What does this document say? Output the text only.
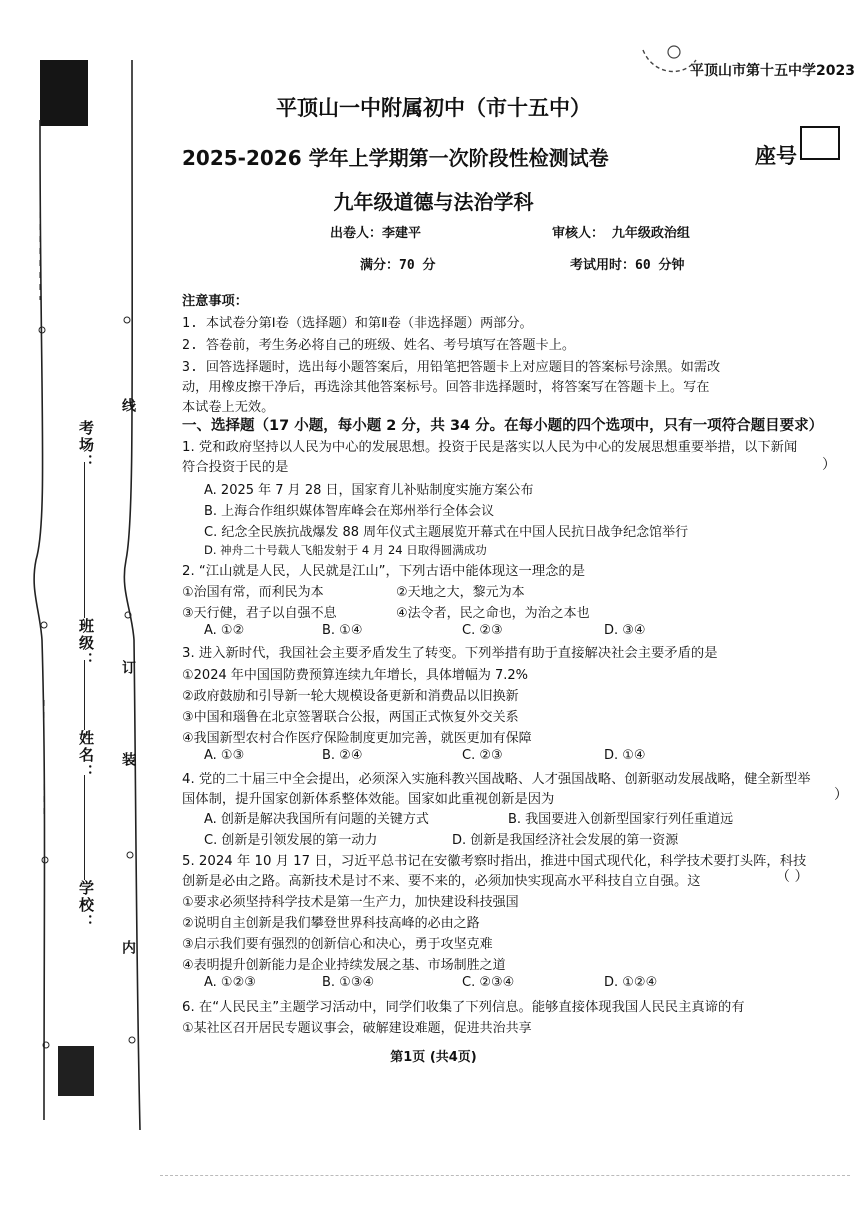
考场：
班级：
姓名：
学校：
线
订
装
内
平顶山市第十五中学2023
平顶山一中附属初中（市十五中）
2025-2026 学年上学期第一次阶段性检测试卷	座号
九年级道德与法治学科
出卷人：李建平	审核人： 九年级政治组
满分：70 分	考试用时：60 分钟
注意事项：
1. 本试卷分第Ⅰ卷（选择题）和第Ⅱ卷（非选择题）两部分。
2. 答卷前，考生务必将自己的班级、姓名、考号填写在答题卡上。
3. 回答选择题时，选出每小题答案后，用铅笔把答题卡上对应题目的答案标号涂黑。如需改
动，用橡皮擦干净后，再选涂其他答案标号。回答非选择题时，将答案写在答题卡上。写在
本试卷上无效。
一、选择题（17 小题，每小题 2 分，共 34 分。在每小题的四个选项中，只有一项符合题目要求）
1. 党和政府坚持以人民为中心的发展思想。投资于民是落实以人民为中心的发展思想重要举措，以下新闻
符合投资于民的是	）
A. 2025 年 7 月 28 日，国家育儿补贴制度实施方案公布
B. 上海合作组织媒体智库峰会在郑州举行全体会议
C. 纪念全民族抗战爆发 88 周年仪式主题展览开幕式在中国人民抗日战争纪念馆举行
D. 神舟二十号载人飞船发射于 4 月 24 日取得圆满成功
2. “江山就是人民，人民就是江山”，下列古语中能体现这一理念的是
①治国有常，而利民为本	②天地之大，黎元为本
③天行健，君子以自强不息	④法令者，民之命也，为治之本也
A. ①②	B. ①④	C. ②③	D. ③④
3. 进入新时代，我国社会主要矛盾发生了转变。下列举措有助于直接解决社会主要矛盾的是
①2024 年中国国防费预算连续九年增长，具体增幅为 7.2%
②政府鼓励和引导新一轮大规模设备更新和消费品以旧换新
③中国和瑙鲁在北京签署联合公报，两国正式恢复外交关系
④我国新型农村合作医疗保险制度更加完善，就医更加有保障
A. ①③	B. ②④	C. ②③	D. ①④
4. 党的二十届三中全会提出，必须深入实施科教兴国战略、人才强国战略、创新驱动发展战略，健全新型举
国体制，提升国家创新体系整体效能。国家如此重视创新是因为	）
A. 创新是解决我国所有问题的关键方式	B. 我国要进入创新型国家行列任重道远
C. 创新是引领发展的第一动力	D. 创新是我国经济社会发展的第一资源
5. 2024 年 10 月 17 日，习近平总书记在安徽考察时指出，推进中国式现代化，科学技术要打头阵，科技
创新是必由之路。高新技术是讨不来、要不来的，必须加快实现高水平科技自立自强。这	（ ）
①要求必须坚持科学技术是第一生产力，加快建设科技强国
②说明自主创新是我们攀登世界科技高峰的必由之路
③启示我们要有强烈的创新信心和决心，勇于攻坚克难
④表明提升创新能力是企业持续发展之基、市场制胜之道
A. ①②③	B. ①③④	C. ②③④	D. ①②④
6. 在“人民民主”主题学习活动中，同学们收集了下列信息。能够直接体现我国人民民主真谛的有
①某社区召开居民专题议事会，破解建设难题，促进共治共享
第1页 (共4页)
